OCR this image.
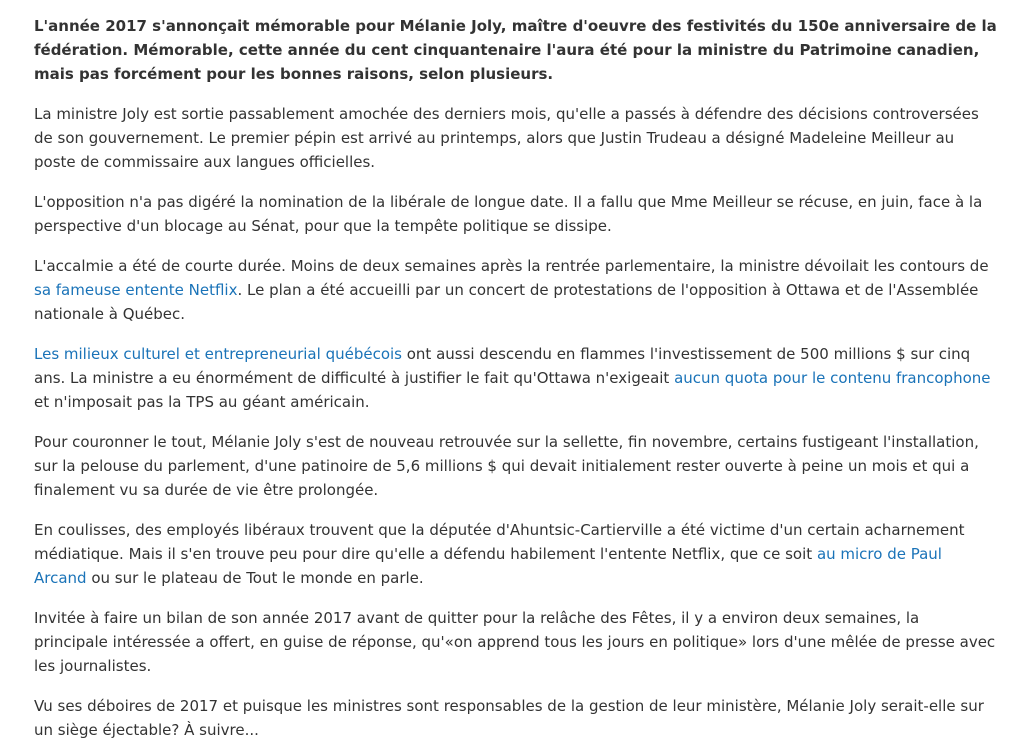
L'année 2017 s'annonçait mémorable pour Mélanie Joly, maître d'oeuvre des festivités du 150e anniversaire de la fédération. Mémorable, cette année du cent cinquantenaire l'aura été pour la ministre du Patrimoine canadien, mais pas forcément pour les bonnes raisons, selon plusieurs.

La ministre Joly est sortie passablement amochée des derniers mois, qu'elle a passés à défendre des décisions controversées de son gouvernement. Le premier pépin est arrivé au printemps, alors que Justin Trudeau a désigné Madeleine Meilleur au poste de commissaire aux langues officielles.

L'opposition n'a pas digéré la nomination de la libérale de longue date. Il a fallu que Mme Meilleur se récuse, en juin, face à la perspective d'un blocage au Sénat, pour que la tempête politique se dissipe.

L'accalmie a été de courte durée. Moins de deux semaines après la rentrée parlementaire, la ministre dévoilait les contours de sa fameuse entente Netflix. Le plan a été accueilli par un concert de protestations de l'opposition à Ottawa et de l'Assemblée nationale à Québec.

Les milieux culturel et entrepreneurial québécois ont aussi descendu en flammes l'investissement de 500 millions $ sur cinq ans. La ministre a eu énormément de difficulté à justifier le fait qu'Ottawa n'exigeait aucun quota pour le contenu francophone et n'imposait pas la TPS au géant américain.

Pour couronner le tout, Mélanie Joly s'est de nouveau retrouvée sur la sellette, fin novembre, certains fustigeant l'installation, sur la pelouse du parlement, d'une patinoire de 5,6 millions $ qui devait initialement rester ouverte à peine un mois et qui a finalement vu sa durée de vie être prolongée.

En coulisses, des employés libéraux trouvent que la députée d'Ahuntsic-Cartierville a été victime d'un certain acharnement médiatique. Mais il s'en trouve peu pour dire qu'elle a défendu habilement l'entente Netflix, que ce soit au micro de Paul Arcand ou sur le plateau de Tout le monde en parle.

Invitée à faire un bilan de son année 2017 avant de quitter pour la relâche des Fêtes, il y a environ deux semaines, la principale intéressée a offert, en guise de réponse, qu'«on apprend tous les jours en politique» lors d'une mêlée de presse avec les journalistes.

Vu ses déboires de 2017 et puisque les ministres sont responsables de la gestion de leur ministère, Mélanie Joly serait-elle sur un siège éjectable? À suivre...
